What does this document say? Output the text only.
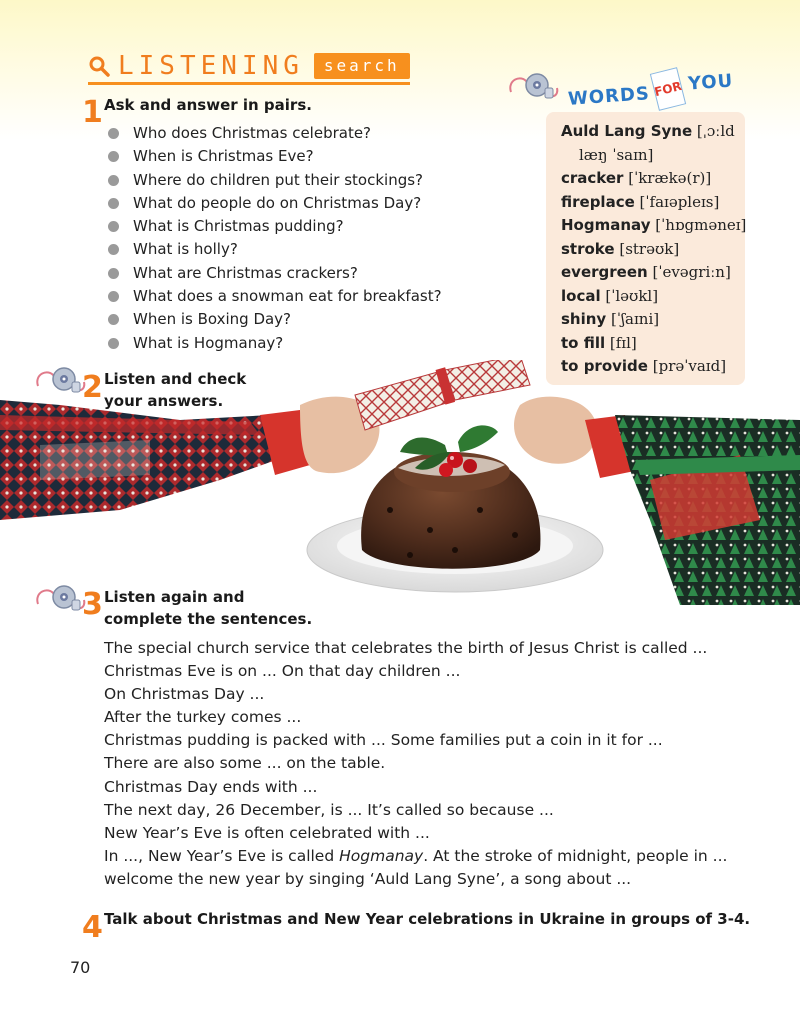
LISTENING	search
1 Ask and answer in pairs.
Who does Christmas celebrate?
When is Christmas Eve?
Where do children put their stockings?
What do people do on Christmas Day?
What is Christmas pudding?
What is holly?
What are Christmas crackers?
What does a snowman eat for breakfast?
When is Boxing Day?
What is Hogmanay?
WORDS FOR YOU
Auld Lang Syne [ˌɔːld
læŋ ˈsaɪn]
cracker [ˈkrækə(r)]
fireplace [ˈfaɪəpleɪs]
Hogmanay [ˈhɒgməneɪ]
stroke [strəʊk]
evergreen [ˈevəgriːn]
local [ˈləʊkl]
shiny [ˈʃaɪni]
to fill [fɪl]
to provide [prəˈvaɪd]
2 Listen and check
your answers.
3 Listen again and
complete the sentences.
The special church service that celebrates the birth of Jesus Christ is called ...
Christmas Eve is on ... On that day children ...
On Christmas Day ...
After the turkey comes ...
Christmas pudding is packed with ... Some families put a coin in it for ...
There are also some ... on the table.
Christmas Day ends with ...
The next day, 26 December, is ... It’s called so because ...
New Year’s Eve is often celebrated with ...
In ..., New Year’s Eve is called Hogmanay. At the stroke of midnight, people in ...
welcome the new year by singing ‘Auld Lang Syne’, a song about ...
4 Talk about Christmas and New Year celebrations in Ukraine in groups of 3-4.
70
